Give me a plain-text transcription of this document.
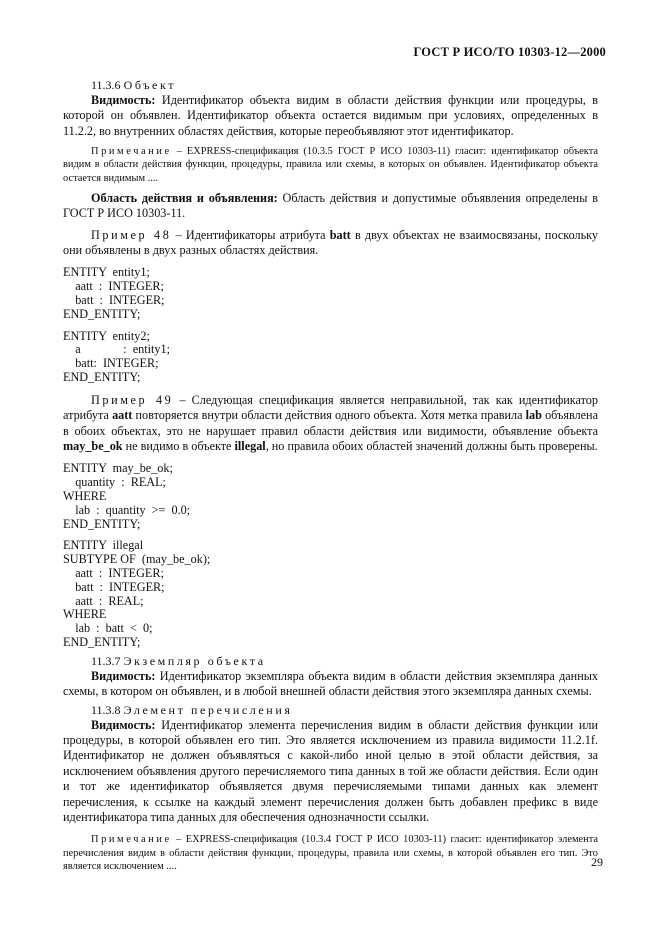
ГОСТ Р ИСО/ТО 10303-12—2000
11.3.6 Объект

Видимость: Идентификатор объекта видим в области действия функции или процедуры, в которой он объявлен. Идентификатор объекта остается видимым при условиях, определенных в 11.2.2, во внутренних областях действия, которые переобъявляют этот идентификатор.

Примечание – EXPRESS-спецификация (10.3.5 ГОСТ Р ИСО 10303-11) гласит: идентификатор объекта видим в области действия функции, процедуры, правила или схемы, в которых он объявлен. Идентификатор объекта остается видимым ....

Область действия и объявления: Область действия и допустимые объявления определены в ГОСТ Р ИСО 10303-11.

Пример 48 – Идентификаторы атрибута batt в двух объектах не взаимосвязаны, поскольку они объявлены в двух разных областях действия.

ENTITY  entity1;
aatt  :  INTEGER;
batt  :  INTEGER;
END_ENTITY;
ENTITY  entity2;
a              :  entity1;
batt:  INTEGER;
END_ENTITY;

Пример 49 – Следующая спецификация является неправильной, так как идентификатор атрибута aatt повторяется внутри области действия одного объекта. Хотя метка правила lab объявлена в обоих объектах, это не нарушает правил области действия или видимости, объявление объекта may_be_ok не видимо в объекте illegal, но правила обоих областей значений должны быть проверены.

ENTITY  may_be_ok;
quantity  :  REAL;
WHERE
lab  :  quantity  >=  0.0;
END_ENTITY;
ENTITY  illegal
SUBTYPE OF  (may_be_ok);
aatt  :  INTEGER;
batt  :  INTEGER;
aatt  :  REAL;
WHERE
lab  :  batt  <  0;
END_ENTITY;
11.3.7 Экземпляр объекта

Видимость: Идентификатор экземпляра объекта видим в области действия экземпляра данных схемы, в котором он объявлен, и в любой внешней области действия этого экземпляра данных схемы.

11.3.8 Элемент перечисления

Видимость: Идентификатор элемента перечисления видим в области действия функции или процедуры, в которой объявлен его тип. Это является исключением из правила видимости 11.2.1f. Идентификатор не должен объявляться с какой-либо иной целью в этой области действия, за исключением объявления другого перечисляемого типа данных в той же области действия. Если один и тот же идентификатор объявляется двумя перечисляемыми типами данных как элемент перечисления, к ссылке на каждый элемент перечисления должен быть добавлен префикс в виде идентификатора типа данных для обеспечения однозначности ссылки.

Примечание – EXPRESS-спецификация (10.3.4 ГОСТ Р ИСО 10303-11) гласит: идентификатор элемента перечисления видим в области действия функции, процедуры, правила или схемы, в которой объявлен его тип. Это является исключением ....	29
